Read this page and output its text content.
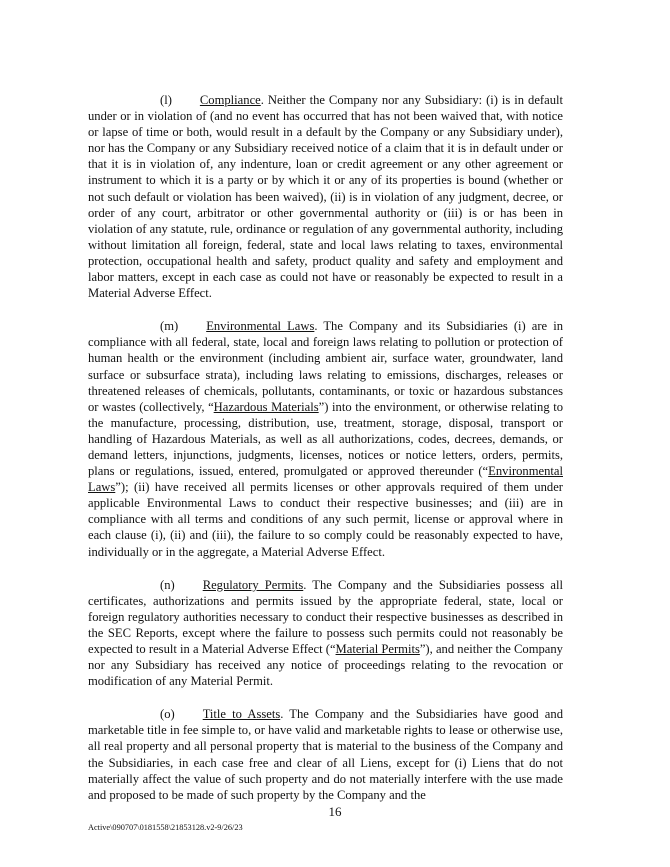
(l) Compliance. Neither the Company nor any Subsidiary: (i) is in default under or in violation of (and no event has occurred that has not been waived that, with notice or lapse of time or both, would result in a default by the Company or any Subsidiary under), nor has the Company or any Subsidiary received notice of a claim that it is in default under or that it is in violation of, any indenture, loan or credit agreement or any other agreement or instrument to which it is a party or by which it or any of its properties is bound (whether or not such default or violation has been waived), (ii) is in violation of any judgment, decree, or order of any court, arbitrator or other governmental authority or (iii) is or has been in violation of any statute, rule, ordinance or regulation of any governmental authority, including without limitation all foreign, federal, state and local laws relating to taxes, environmental protection, occupational health and safety, product quality and safety and employment and labor matters, except in each case as could not have or reasonably be expected to result in a Material Adverse Effect.

(m) Environmental Laws. The Company and its Subsidiaries (i) are in compliance with all federal, state, local and foreign laws relating to pollution or protection of human health or the environment (including ambient air, surface water, groundwater, land surface or subsurface strata), including laws relating to emissions, discharges, releases or threatened releases of chemicals, pollutants, contaminants, or toxic or hazardous substances or wastes (collectively, “Hazardous Materials”) into the environment, or otherwise relating to the manufacture, processing, distribution, use, treatment, storage, disposal, transport or handling of Hazardous Materials, as well as all authorizations, codes, decrees, demands, or demand letters, injunctions, judgments, licenses, notices or notice letters, orders, permits, plans or regulations, issued, entered, promulgated or approved thereunder (“Environmental Laws”); (ii) have received all permits licenses or other approvals required of them under applicable Environmental Laws to conduct their respective businesses; and (iii) are in compliance with all terms and conditions of any such permit, license or approval where in each clause (i), (ii) and (iii), the failure to so comply could be reasonably expected to have, individually or in the aggregate, a Material Adverse Effect.

(n) Regulatory Permits. The Company and the Subsidiaries possess all certificates, authorizations and permits issued by the appropriate federal, state, local or foreign regulatory authorities necessary to conduct their respective businesses as described in the SEC Reports, except where the failure to possess such permits could not reasonably be expected to result in a Material Adverse Effect (“Material Permits”), and neither the Company nor any Subsidiary has received any notice of proceedings relating to the revocation or modification of any Material Permit.

(o) Title to Assets. The Company and the Subsidiaries have good and marketable title in fee simple to, or have valid and marketable rights to lease or otherwise use, all real property and all personal property that is material to the business of the Company and the Subsidiaries, in each case free and clear of all Liens, except for (i) Liens that do not materially affect the value of such property and do not materially interfere with the use made and proposed to be made of such property by the Company and the

16
Active\090707\0181558\21853128.v2-9/26/23
